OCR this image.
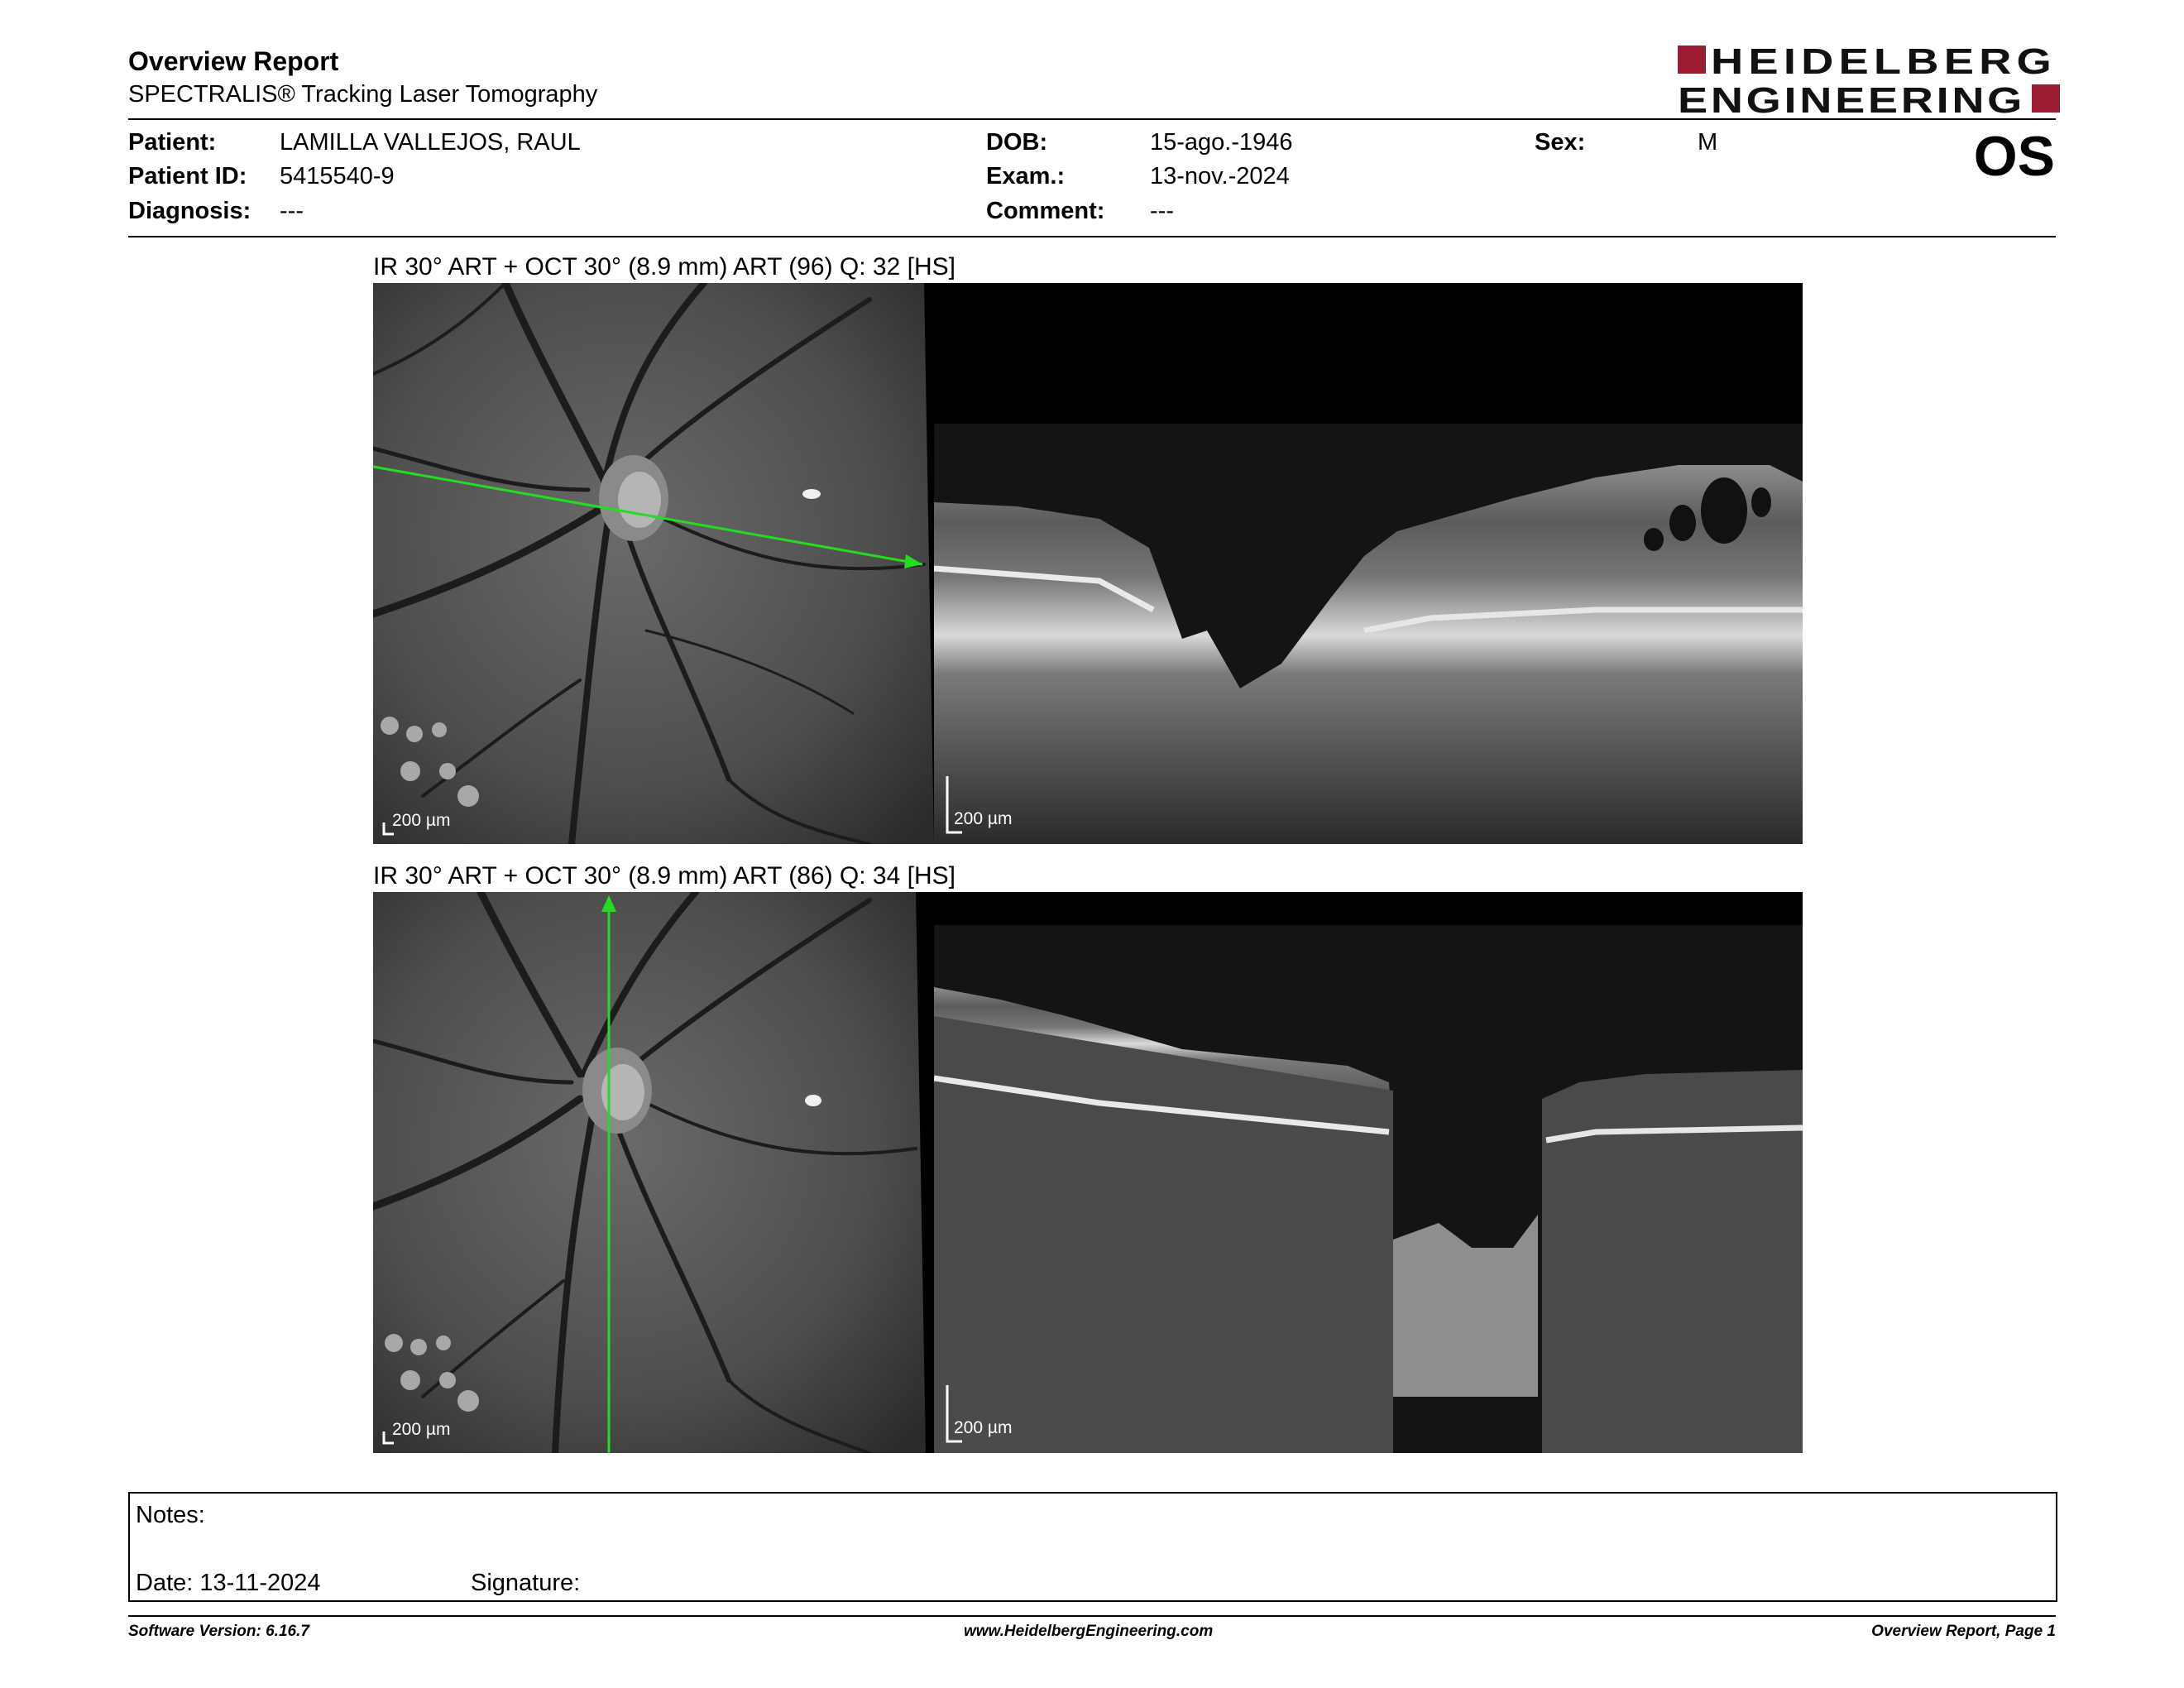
Overview Report
SPECTRALIS® Tracking Laser Tomography
HEIDELBERG
ENGINEERING
Patient:	LAMILLA VALLEJOS, RAUL
Patient ID: 5415540-9
Diagnosis: ---
DOB:	15-ago.-1946
Exam.:	13-nov.-2024
Comment: ---
Sex:	M	OS
IR 30° ART + OCT 30° (8.9 mm) ART (96) Q: 32 [HS]
200 µm	200 µm
IR 30° ART + OCT 30° (8.9 mm) ART (86) Q: 34 [HS]
200 µm	200 µm
Notes:
Date: 13-11-2024	Signature:
Software Version: 6.16.7	www.HeidelbergEngineering.com	Overview Report, Page 1
